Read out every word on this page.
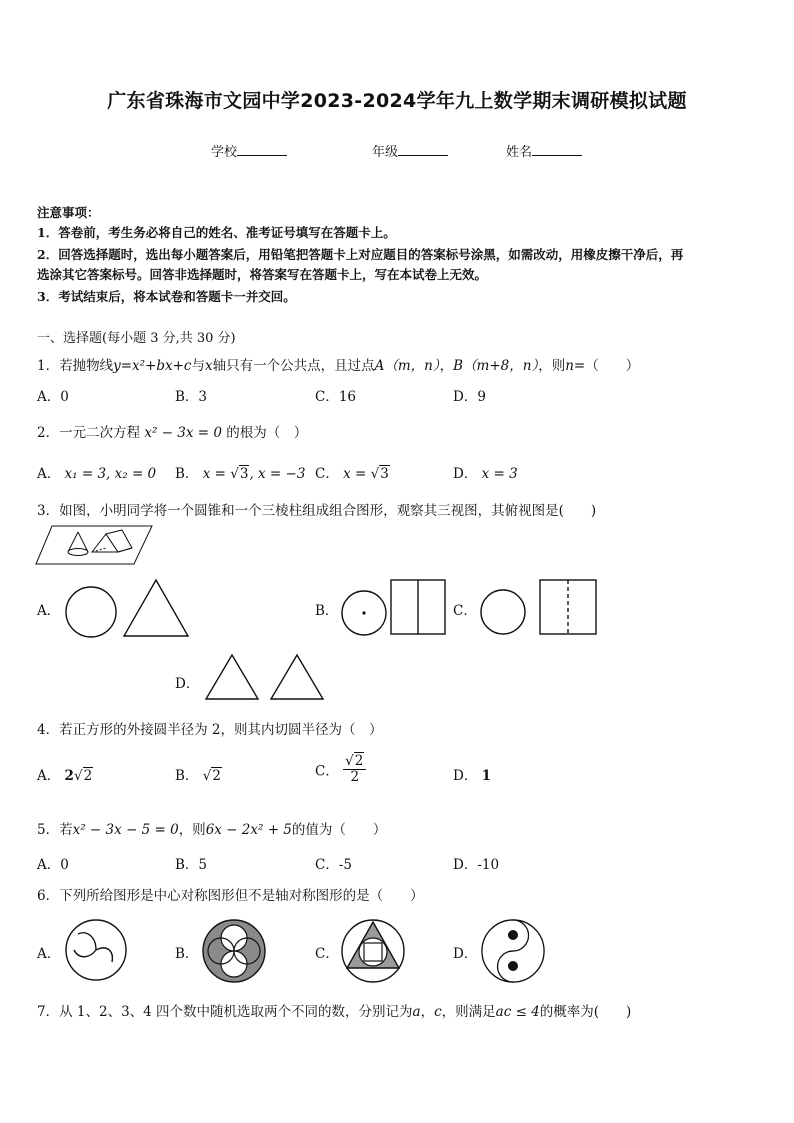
广东省珠海市文园中学2023-2024学年九上数学期末调研模拟试题
学校	年级	姓名
注意事项：
1．答卷前，考生务必将自己的姓名、准考证号填写在答题卡上。
2．回答选择题时，选出每小题答案后，用铅笔把答题卡上对应题目的答案标号涂黑，如需改动，用橡皮擦干净后，再
选涂其它答案标号。回答非选择题时，将答案写在答题卡上，写在本试卷上无效。
3．考试结束后，将本试卷和答题卡一并交回。
一、选择题(每小题 3 分,共 30 分)
1．若抛物线y=x²+bx+c与x轴只有一个公共点，且过点A（m，n），B（m+8，n），则n=（　　）
A．0	B．3	C．16	D．9
2．一元二次方程 x² − 3x = 0 的根为（　）
A． x₁ = 3, x₂ = 0 B． x = √3, x = −3 C． x = √3	D． x = 3
3．如图，小明同学将一个圆锥和一个三棱柱组成组合图形，观察其三视图，其俯视图是(　　)
A．	B．	C．
D．
4．若正方形的外接圆半径为 2，则其内切圆半径为（　）
A． 2√2	B． √2	C． $\frac{√2}{2}$	D． 1
5．若x² − 3x − 5 = 0，则6x − 2x² + 5的值为（　　）
A．0	B．5	C．-5	D．-10
6．下列所给图形是中心对称图形但不是轴对称图形的是（　　）
A．	B．	C．	D．
7．从 1、2、3、4 四个数中随机选取两个不同的数，分别记为a，c，则满足ac ≤ 4的概率为(　　)
